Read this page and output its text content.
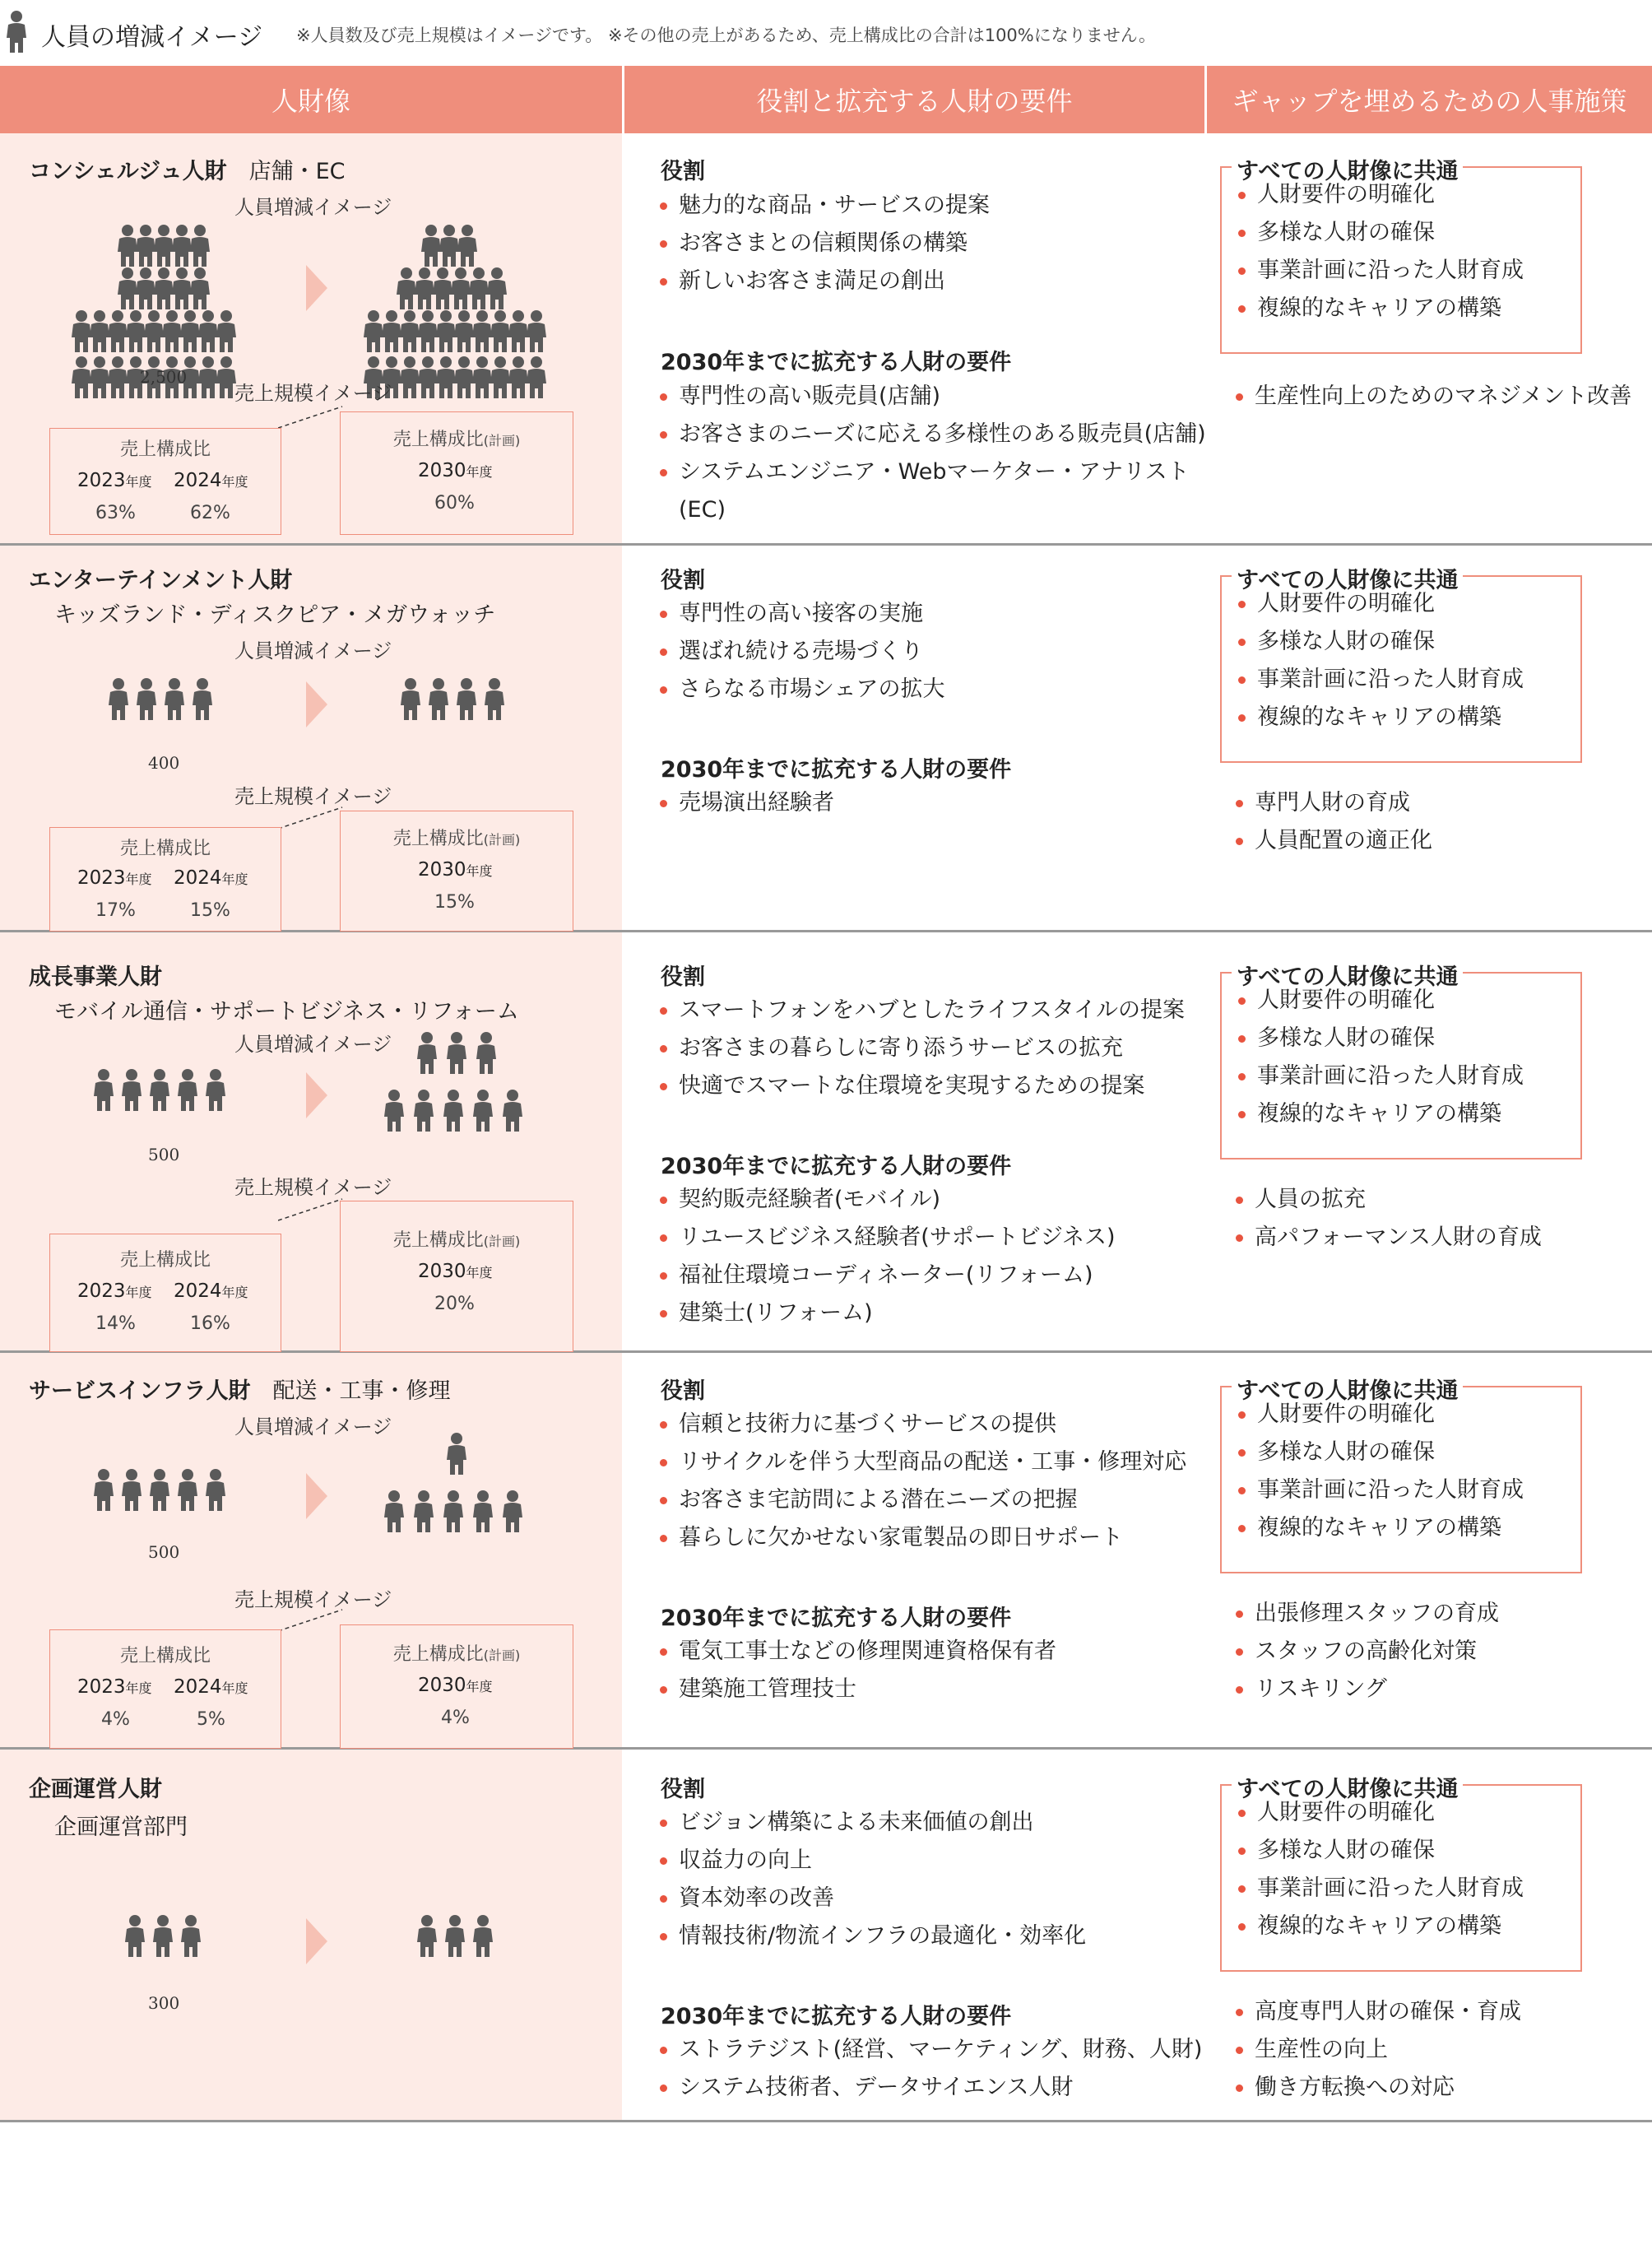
人員の増減イメージ ※人員数及び売上規模はイメージです。 ※その他の売上があるため、売上構成比の合計は100%になりません。
人財像	役割と拡充する人財の要件	ギャップを埋めるための人事施策
コンシェルジュ人財　 店舗・EC
人員増減イメージ
2,500
売上規模イメージ
売上構成比
2023年度 2024年度
63%	62%
売上構成比(計画)
2030年度
60%
役割
魅力的な商品・サービスの提案
お客さまとの信頼関係の構築
新しいお客さま満足の創出
2030年までに拡充する人財の要件
専門性の高い販売員(店舗)
お客さまのニーズに応える多様性のある販売員(店舗)
システムエンジニア・Webマーケター・アナリスト
(EC)
すべての人財像に共通
人財要件の明確化
多様な人財の確保
事業計画に沿った人財育成
複線的なキャリアの構築
生産性向上のためのマネジメント改善
エンターテインメント人財
キッズランド・ディスクピア・メガウォッチ
人員増減イメージ
400
売上規模イメージ
売上構成比
2023年度 2024年度
17%	15%
売上構成比(計画)
2030年度
15%
役割
専門性の高い接客の実施
選ばれ続ける売場づくり
さらなる市場シェアの拡大
2030年までに拡充する人財の要件
売場演出経験者
すべての人財像に共通
人財要件の明確化
多様な人財の確保
事業計画に沿った人財育成
複線的なキャリアの構築
専門人財の育成
人員配置の適正化
成長事業人財
モバイル通信・サポートビジネス・リフォーム
人員増減イメージ
500
売上規模イメージ
売上構成比
2023年度 2024年度
14%	16%
売上構成比(計画)
2030年度
20%
役割
スマートフォンをハブとしたライフスタイルの提案
お客さまの暮らしに寄り添うサービスの拡充
快適でスマートな住環境を実現するための提案
2030年までに拡充する人財の要件
契約販売経験者(モバイル)
リユースビジネス経験者(サポートビジネス)
福祉住環境コーディネーター(リフォーム)
建築士(リフォーム)
すべての人財像に共通
人財要件の明確化
多様な人財の確保
事業計画に沿った人財育成
複線的なキャリアの構築
人員の拡充
高パフォーマンス人財の育成
サービスインフラ人財　 配送・工事・修理
人員増減イメージ
500
売上規模イメージ
売上構成比
2023年度 2024年度
4%	5%
売上構成比(計画)
2030年度
4%
役割
信頼と技術力に基づくサービスの提供
リサイクルを伴う大型商品の配送・工事・修理対応
お客さま宅訪問による潜在ニーズの把握
暮らしに欠かせない家電製品の即日サポート
2030年までに拡充する人財の要件
電気工事士などの修理関連資格保有者
建築施工管理技士
すべての人財像に共通
人財要件の明確化
多様な人財の確保
事業計画に沿った人財育成
複線的なキャリアの構築
出張修理スタッフの育成
スタッフの高齢化対策
リスキリング
企画運営人財
企画運営部門
300
役割
ビジョン構築による未来価値の創出
収益力の向上
資本効率の改善
情報技術/物流インフラの最適化・効率化
2030年までに拡充する人財の要件
ストラテジスト(経営、マーケティング、財務、人財)
システム技術者、データサイエンス人財
すべての人財像に共通
人財要件の明確化
多様な人財の確保
事業計画に沿った人財育成
複線的なキャリアの構築
高度専門人財の確保・育成
生産性の向上
働き方転換への対応
